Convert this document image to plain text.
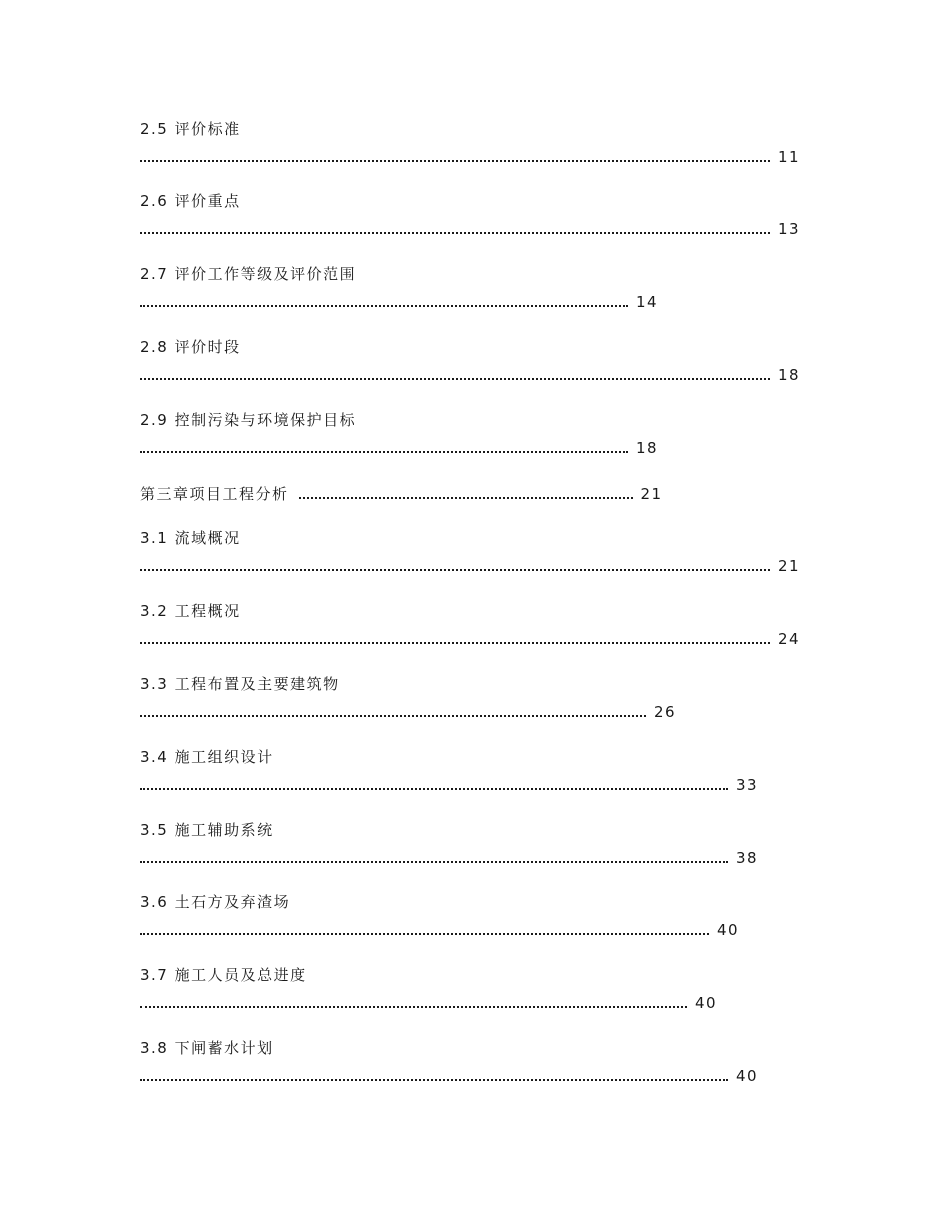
2.5 评价标准
11
2.6 评价重点
13
2.7 评价工作等级及评价范围
14
2.8 评价时段
18
2.9 控制污染与环境保护目标
18
第三章项目工程分析	21
3.1 流域概况
21
3.2 工程概况
24
3.3 工程布置及主要建筑物
26
3.4 施工组织设计
33
3.5 施工辅助系统
38
3.6 土石方及弃渣场
40
3.7 施工人员及总进度
40
3.8 下闸蓄水计划
40
